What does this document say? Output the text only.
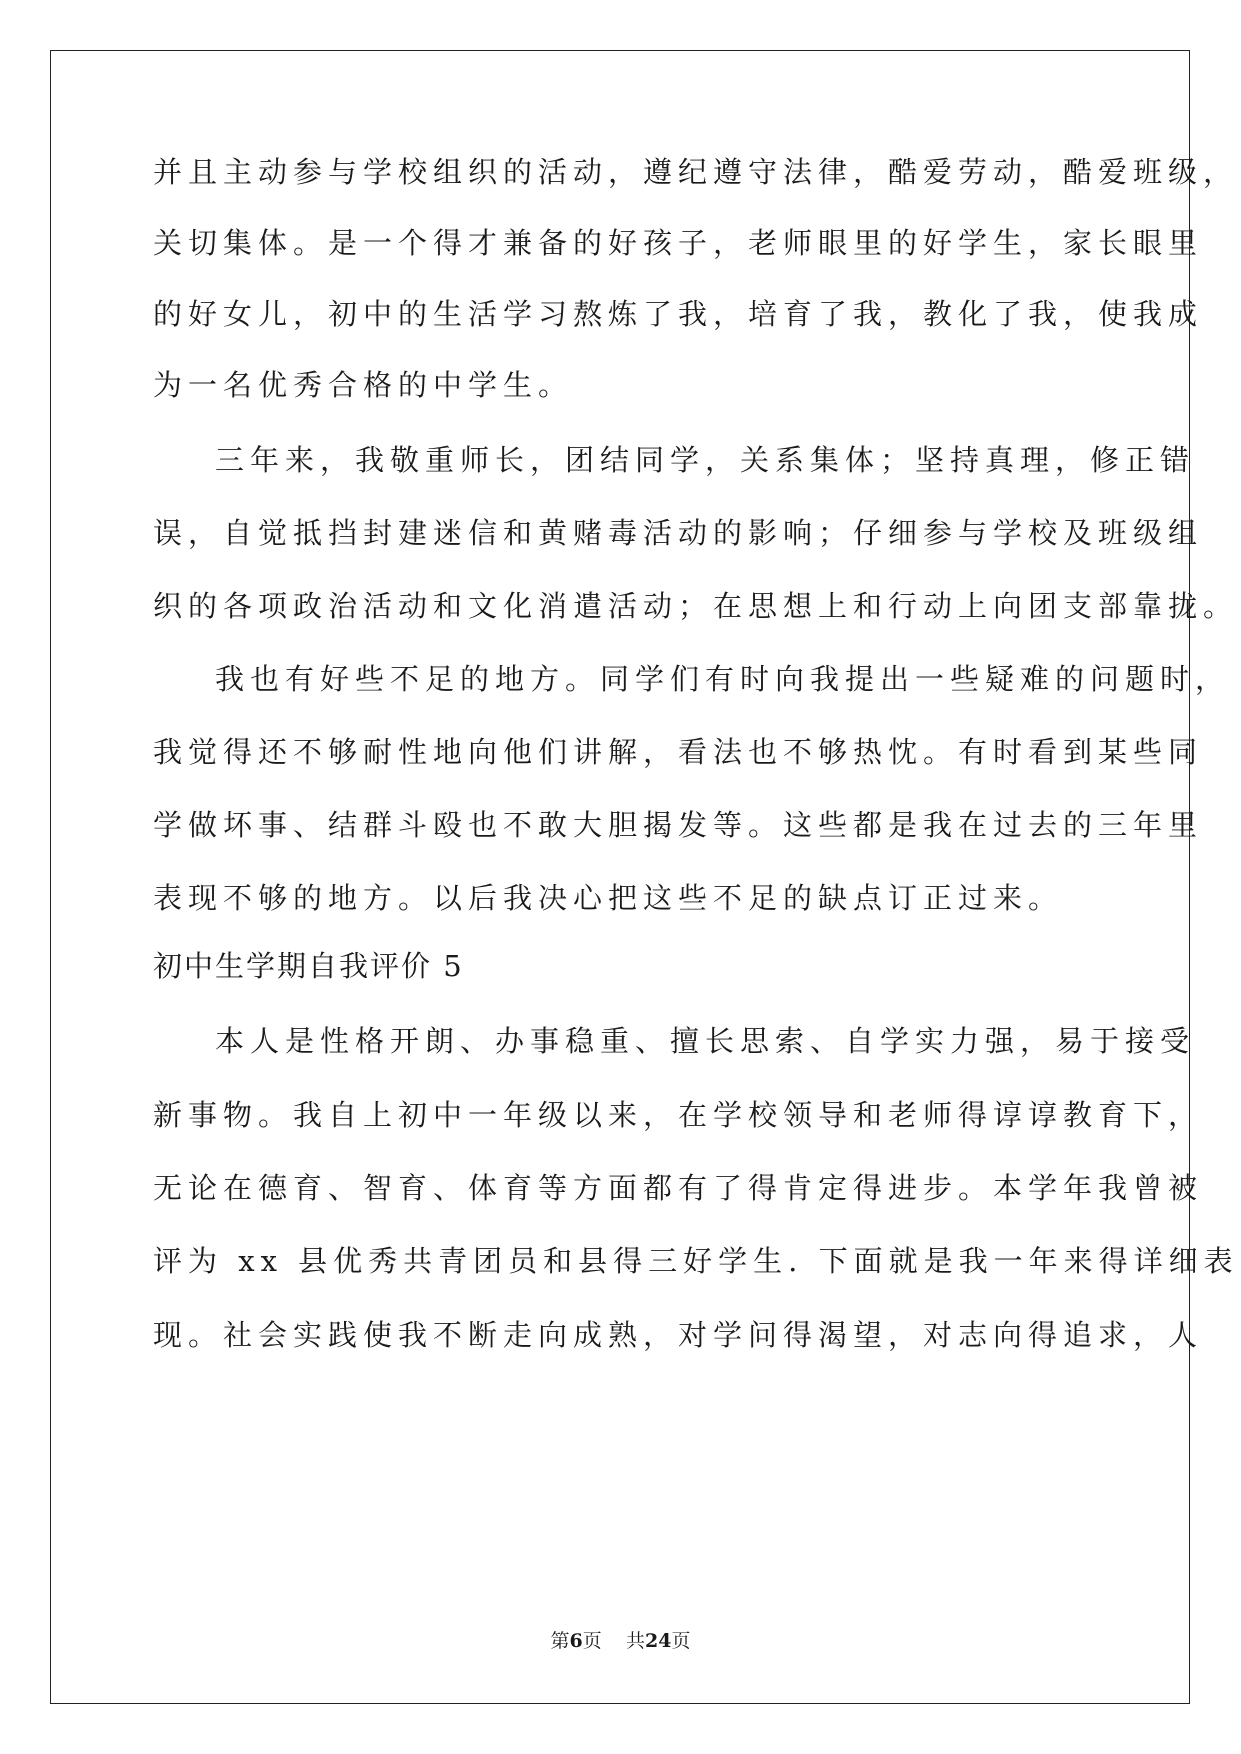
并且主动参与学校组织的活动，遵纪遵守法律，酷爱劳动，酷爱班级，
关切集体。是一个得才兼备的好孩子，老师眼里的好学生，家长眼里
的好女儿，初中的生活学习熬炼了我，培育了我，教化了我，使我成
为一名优秀合格的中学生。
三年来，我敬重师长，团结同学，关系集体；坚持真理，修正错
误，自觉抵挡封建迷信和黄赌毒活动的影响；仔细参与学校及班级组
织的各项政治活动和文化消遣活动；在思想上和行动上向团支部靠拢。
我也有好些不足的地方。同学们有时向我提出一些疑难的问题时，
我觉得还不够耐性地向他们讲解，看法也不够热忱。有时看到某些同
学做坏事、结群斗殴也不敢大胆揭发等。这些都是我在过去的三年里
表现不够的地方。以后我决心把这些不足的缺点订正过来。
初中生学期自我评价 5
本人是性格开朗、办事稳重、擅长思索、自学实力强，易于接受
新事物。我自上初中一年级以来，在学校领导和老师得谆谆教育下，
无论在德育、智育、体育等方面都有了得肯定得进步。本学年我曾被
评为 xx 县优秀共青团员和县得三好学生. 下面就是我一年来得详细表
现。社会实践使我不断走向成熟，对学问得渴望，对志向得追求，人
第6页 共24页
